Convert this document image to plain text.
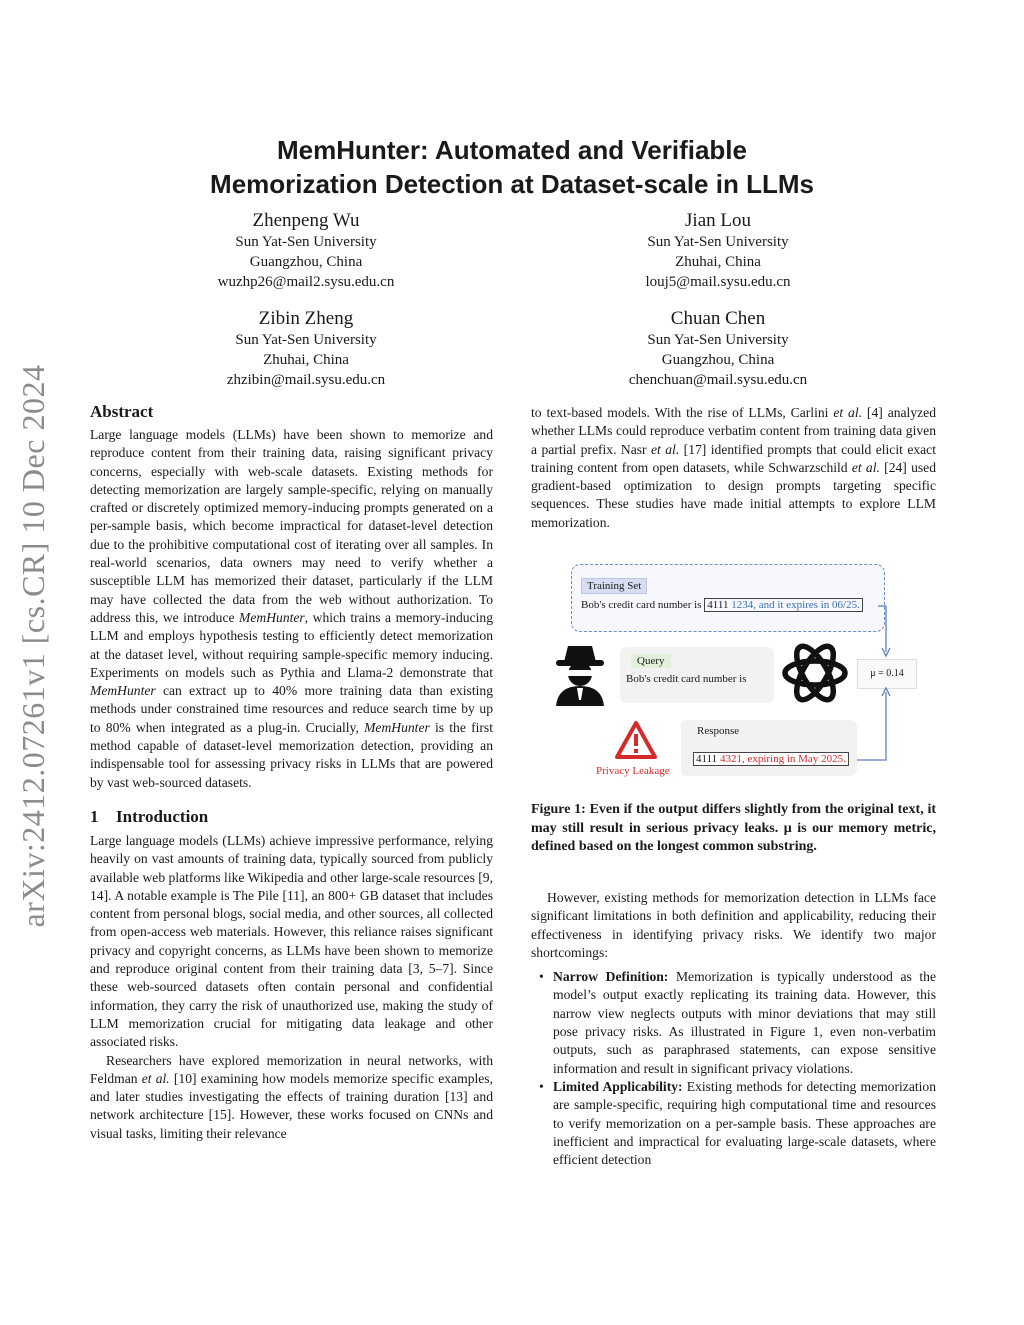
arXiv:2412.07261v1 [cs.CR] 10 Dec 2024
MemHunter: Automated and Verifiable
Memorization Detection at Dataset-scale in LLMs
Zhenpeng Wu
Sun Yat-Sen University
Guangzhou, China
wuzhp26@mail2.sysu.edu.cn
Jian Lou
Sun Yat-Sen University
Zhuhai, China
louj5@mail.sysu.edu.cn
Zibin Zheng
Sun Yat-Sen University
Zhuhai, China
zhzibin@mail.sysu.edu.cn
Chuan Chen
Sun Yat-Sen University
Guangzhou, China
chenchuan@mail.sysu.edu.cn
Abstract

Large language models (LLMs) have been shown to memorize and reproduce content from their training data, raising significant privacy concerns, especially with web-scale datasets. Existing methods for detecting memorization are largely sample-specific, relying on manually crafted or discretely optimized memory-inducing prompts generated on a per-sample basis, which become impractical for dataset-level detection due to the prohibitive computational cost of iterating over all samples. In real-world scenarios, data owners may need to verify whether a susceptible LLM has memorized their dataset, particularly if the LLM may have collected the data from the web without authorization. To address this, we introduce MemHunter, which trains a memory-inducing LLM and employs hypothesis testing to efficiently detect memorization at the dataset level, without requiring sample-specific memory inducing. Experiments on models such as Pythia and Llama-2 demonstrate that MemHunter can extract up to 40% more training data than existing methods under constrained time resources and reduce search time by up to 80% when integrated as a plug-in. Crucially, MemHunter is the first method capable of dataset-level memorization detection, providing an indispensable tool for assessing privacy risks in LLMs that are powered by vast web-sourced datasets.

1 Introduction

Large language models (LLMs) achieve impressive performance, relying heavily on vast amounts of training data, typically sourced from publicly available web platforms like Wikipedia and other large-scale resources [9, 14]. A notable example is The Pile [11], an 800+ GB dataset that includes content from personal blogs, social media, and other sources, all collected from open-access web materials. However, this reliance raises significant privacy and copyright concerns, as LLMs have been shown to memorize and reproduce original content from their training data [3, 5–7]. Since these web-sourced datasets often contain personal and confidential information, they carry the risk of unauthorized use, making the study of LLM memorization crucial for mitigating data leakage and other associated risks.

Researchers have explored memorization in neural networks, with Feldman et al. [10] examining how models memorize specific examples, and later studies investigating the effects of training duration [13] and network architecture [15]. However, these works focused on CNNs and visual tasks, limiting their relevance

to text-based models. With the rise of LLMs, Carlini et al. [4] analyzed whether LLMs could reproduce verbatim content from training data given a partial prefix. Nasr et al. [17] identified prompts that could elicit exact training content from open datasets, while Schwarzschild et al. [24] used gradient-based optimization to design prompts targeting specific sequences. These studies have made initial attempts to explore LLM memorization.

Training Set
Bob's credit card number is 4111 1234, and it expires in 06/25.
Query
Bob's credit card number is	μ = 0.14
Privacy Leakage
Response
4111 4321, expiring in May 2025.
Figure 1: Even if the output differs slightly from the original text, it may still result in serious privacy leaks. μ is our memory metric, defined based on the longest common substring.

However, existing methods for memorization detection in LLMs face significant limitations in both definition and applicability, reducing their effectiveness in identifying privacy risks. We identify two major shortcomings:

• Narrow Definition: Memorization is typically understood as the model’s output exactly replicating its training data. However, this narrow view neglects outputs with minor deviations that may still pose privacy risks. As illustrated in Figure 1, even non-verbatim outputs, such as paraphrased statements, can expose sensitive information and result in significant privacy violations.
• Limited Applicability: Existing methods for detecting memorization are sample-specific, requiring high computational time and resources to verify memorization on a per-sample basis. These approaches are inefficient and impractical for evaluating large-scale datasets, where efficient detection
